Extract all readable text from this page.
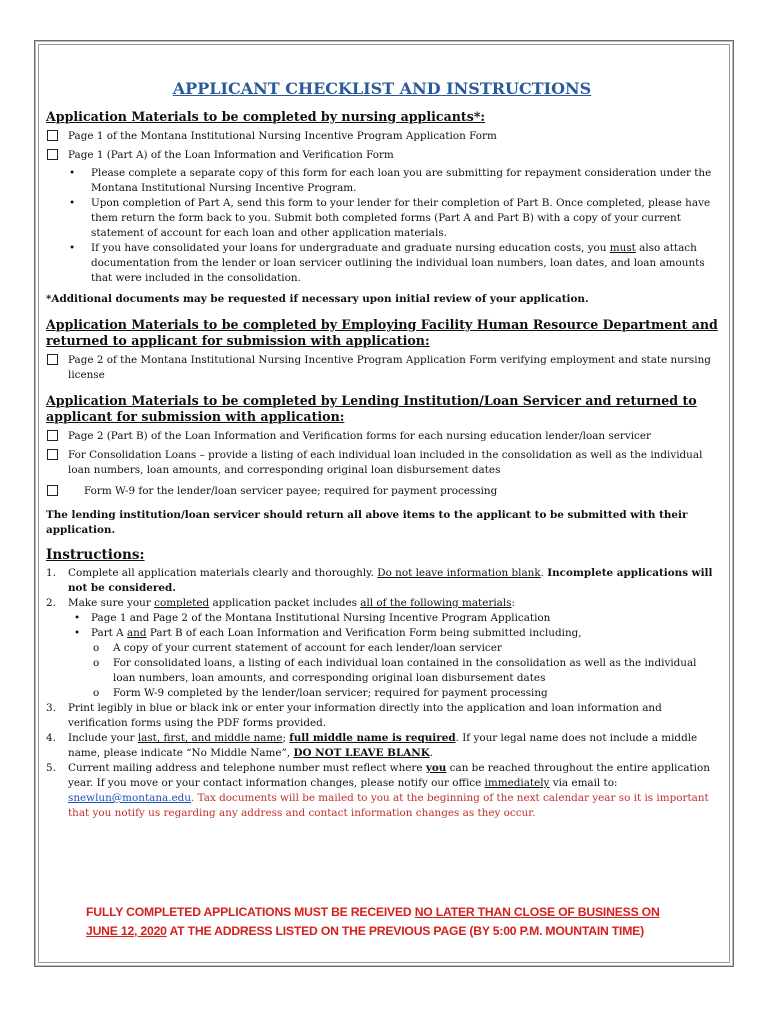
APPLICANT CHECKLIST AND INSTRUCTIONS

Application Materials to be completed by nursing applicants*:

Page 1 of the Montana Institutional Nursing Incentive Program Application Form
Page 1 (Part A) of the Loan Information and Verification Form
• Please complete a separate copy of this form for each loan you are submitting for repayment consideration under the Montana Institutional Nursing Incentive Program.
• Upon completion of Part A, send this form to your lender for their completion of Part B. Once completed, please have them return the form back to you. Submit both completed forms (Part A and Part B) with a copy of your current statement of account for each loan and other application materials.
• If you have consolidated your loans for undergraduate and graduate nursing education costs, you must also attach documentation from the lender or loan servicer outlining the individual loan numbers, loan dates, and loan amounts that were included in the consolidation.

*Additional documents may be requested if necessary upon initial review of your application.

Application Materials to be completed by Employing Facility Human Resource Department and returned to applicant for submission with application:

Page 2 of the Montana Institutional Nursing Incentive Program Application Form verifying employment and state nursing license

Application Materials to be completed by Lending Institution/Loan Servicer and returned to applicant for submission with application:

Page 2 (Part B) of the Loan Information and Verification forms for each nursing education lender/loan servicer
For Consolidation Loans – provide a listing of each individual loan included in the consolidation as well as the individual loan numbers, loan amounts, and corresponding original loan disbursement dates
Form W-9 for the lender/loan servicer payee; required for payment processing

The lending institution/loan servicer should return all above items to the applicant to be submitted with their application.

Instructions:

1. Complete all application materials clearly and thoroughly. Do not leave information blank. Incomplete applications will not be considered.
2. Make sure your completed application packet includes all of the following materials:
• Page 1 and Page 2 of the Montana Institutional Nursing Incentive Program Application
• Part A and Part B of each Loan Information and Verification Form being submitted including,
o A copy of your current statement of account for each lender/loan servicer
o For consolidated loans, a listing of each individual loan contained in the consolidation as well as the individual loan numbers, loan amounts, and corresponding original loan disbursement dates
o Form W-9 completed by the lender/loan servicer; required for payment processing
3. Print legibly in blue or black ink or enter your information directly into the application and loan information and verification forms using the PDF forms provided.
4. Include your last, first, and middle name; full middle name is required. If your legal name does not include a middle name, please indicate “No Middle Name”, DO NOT LEAVE BLANK.
5. Current mailing address and telephone number must reflect where you can be reached throughout the entire application year. If you move or your contact information changes, please notify our office immediately via email to: snewlun@montana.edu. Tax documents will be mailed to you at the beginning of the next calendar year so it is important that you notify us regarding any address and contact information changes as they occur.
FULLY COMPLETED APPLICATIONS MUST BE RECEIVED NO LATER THAN CLOSE OF BUSINESS ON
JUNE 12, 2020 AT THE ADDRESS LISTED ON THE PREVIOUS PAGE (BY 5:00 P.M. MOUNTAIN TIME)
